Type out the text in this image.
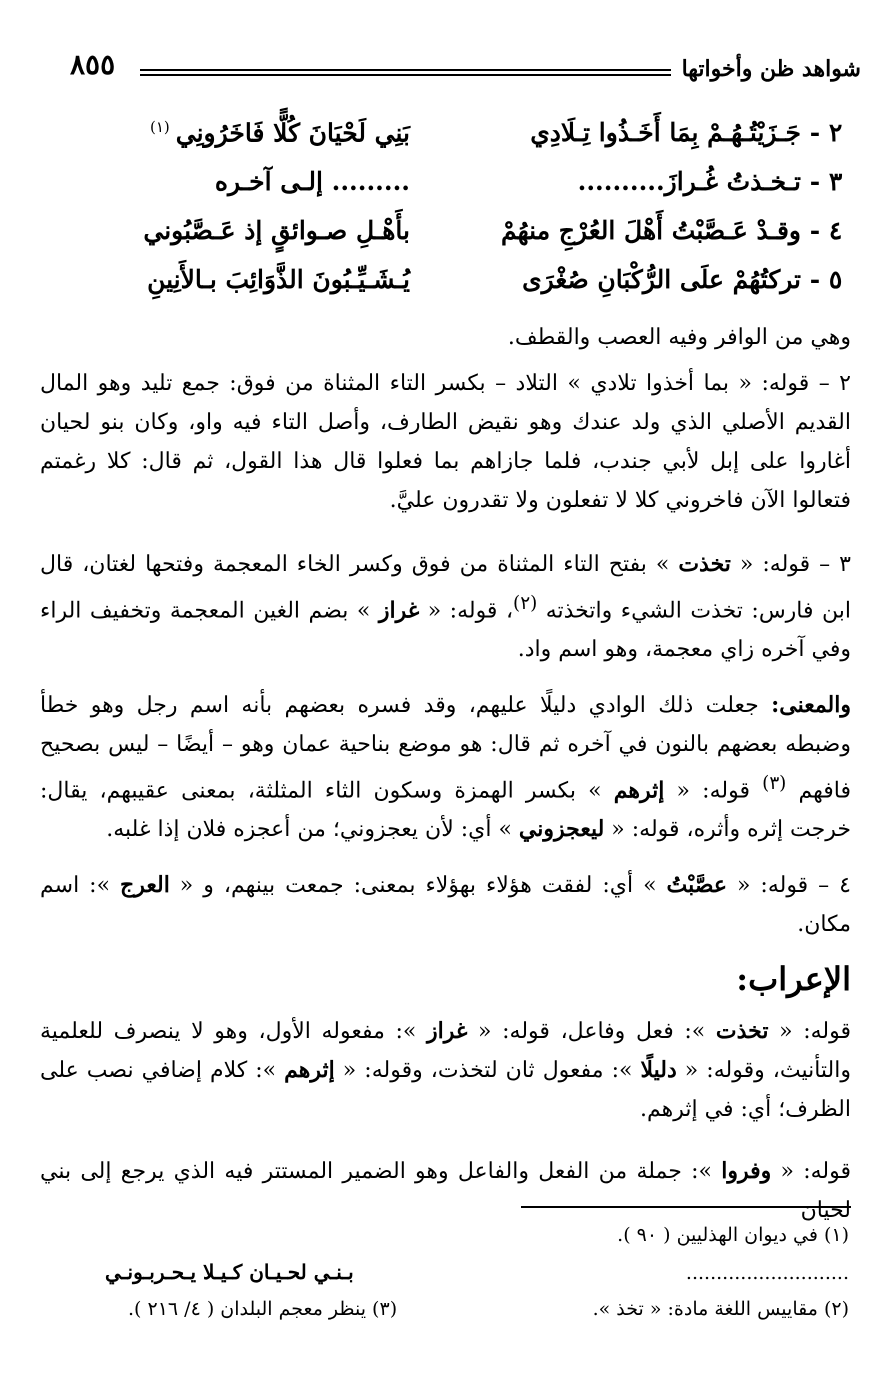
شواهد ظن وأخواتها
٨٥٥
٢ -
جَـزَيْتُـهُـمْ بِمَا أَخَـذُوا تِـلَادِي
بَنِي لَحْيَانَ كُلًّا فَاخَرُونِي$^{(١)}$
٣ -
تـخـذتُ غُـرازَ..........
......... إلـى آخـره
٤ -
وقـدْ عَـصَّبْتُ أَهْلَ العُرْجِ منهُمْ
بأَهْـلِ صـوائقٍ إذ عَـصَّبُوني
٥ -
تركتُهُمْ علَى الرُّكْبَانِ صُغْرَى
يُـشَـيِّـبُونَ الذَّوَائِبَ بـالأَنِينِ
وهي من الوافر وفيه العصب والقطف.
٢ – قوله: « بما أخذوا تلادي » التلاد – بكسر التاء المثناة من فوق: جمع تليد وهو المال القديم الأصلي الذي ولد عندك وهو نقيض الطارف، وأصل التاء فيه واو، وكان بنو لحيان أغاروا على إبل لأبي جندب، فلما جازاهم بما فعلوا قال هذا القول، ثم قال: كلا رغمتم فتعالوا الآن فاخروني كلا لا تفعلون ولا تقدرون عليَّ.
٣ – قوله: « تخذت » بفتح التاء المثناة من فوق وكسر الخاء المعجمة وفتحها لغتان، قال ابن فارس: تخذت الشيء واتخذته $^{(٢)}$، قوله: « غراز » بضم الغين المعجمة وتخفيف الراء وفي آخره زاي معجمة، وهو اسم واد.
والمعنى: جعلت ذلك الوادي دليلًا عليهم، وقد فسره بعضهم بأنه اسم رجل وهو خطأ وضبطه بعضهم بالنون في آخره ثم قال: هو موضع بناحية عمان وهو – أيضًا – ليس بصحيح فافهم $^{(٣)}$ قوله: « إثرهم » بكسر الهمزة وسكون الثاء المثلثة، بمعنى عقيبهم، يقال: خرجت إثره وأثره، قوله: « ليعجزوني » أي: لأن يعجزوني؛ من أعجزه فلان إذا غلبه.
٤ – قوله: « عصَّبْتُ » أي: لفقت هؤلاء بهؤلاء بمعنى: جمعت بينهم، و « العرج »: اسم مكان.
الإعراب:
قوله: « تخذت »: فعل وفاعل، قوله: « غراز »: مفعوله الأول، وهو لا ينصرف للعلمية والتأنيث، وقوله: « دليلًا »: مفعول ثان لتخذت، وقوله: « إثرهم »: كلام إضافي نصب على الظرف؛ أي: في إثرهم.
قوله: « وفروا »: جملة من الفعل والفاعل وهو الضمير المستتر فيه الذي يرجع إلى بني لحيان
(١) في ديوان الهذليين ( ٩٠ ).
...........................
بـنـي لحـيـان كـيـلا يـحـربـونـي
(٢) مقاييس اللغة مادة: « تخذ ».
(٣) ينظر معجم البلدان ( ٤/ ٢١٦ ).
